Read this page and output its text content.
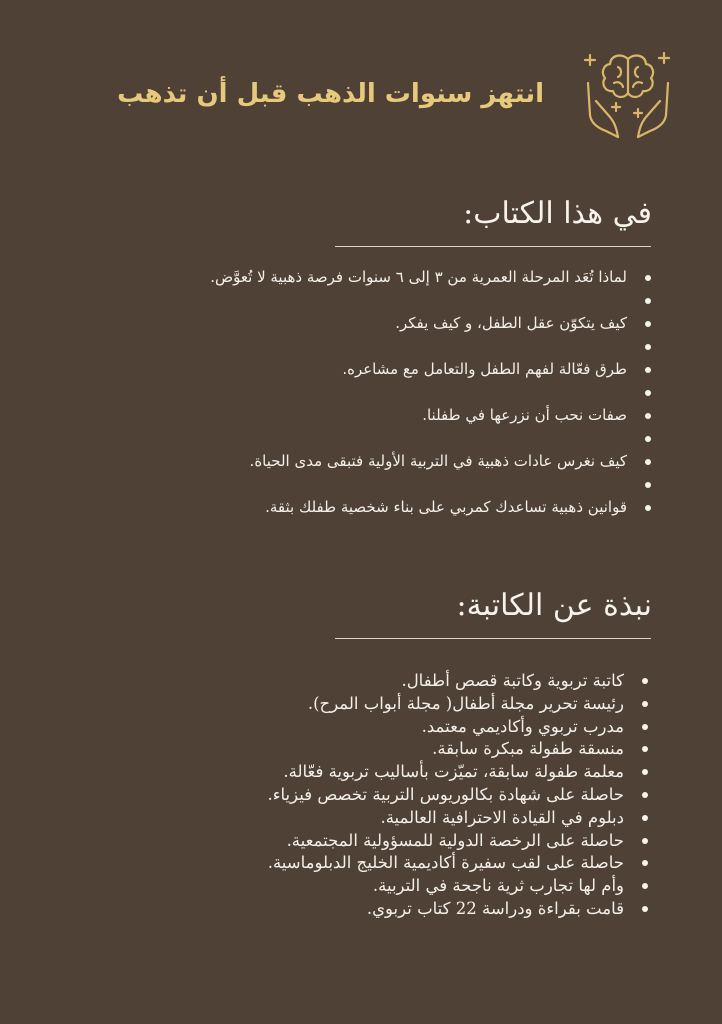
انتهز سنوات الذهب قبل أن تذهب
في هذا الكتاب:
لماذا تُعَد المرحلة العمرية من ٣ إلى ٦ سنوات فرصة ذهبية لا تُعوَّض.
كيف يتكوّن عقل الطفل، و كيف يفكر.
طرق فعّالة لفهم الطفل والتعامل مع مشاعره.
صفات نحب أن نزرعها في طفلنا.
كيف نغرس عادات ذهبية في التربية الأولية فتبقى مدى الحياة.
قوانين ذهبية تساعدك كمربي على بناء شخصية طفلك بثقة.
نبذة عن الكاتبة:
كاتبة تربوية وكاتبة قصص أطفال.
رئيسة تحرير مجلة أطفال( مجلة أبواب المرح).
مدرب تربوي وأكاديمي معتمد.
منسقة طفولة مبكرة سابقة.
معلمة طفولة سابقة، تميّزت بأساليب تربوية فعّالة.
حاصلة على شهادة بكالوريوس التربية تخصص فيزياء.
دبلوم في القيادة الاحترافية العالمية.
حاصلة على الرخصة الدولية للمسؤولية المجتمعية.
حاصلة على لقب سفيرة أكاديمية الخليج الدبلوماسية.
وأم لها تجارب ثرية ناجحة في التربية.
قامت بقراءة ودراسة 22 كتاب تربوي.
